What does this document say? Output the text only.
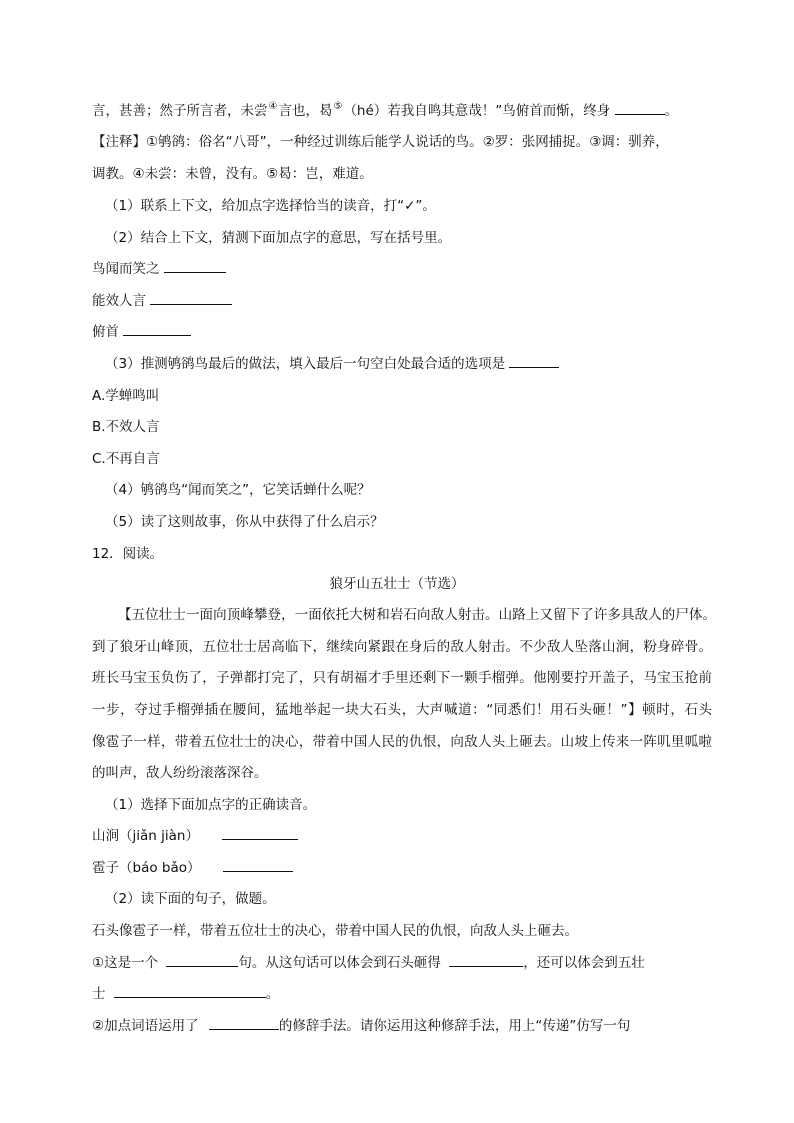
言，甚善；然子所言者，未尝④言也，曷⑤（hé）若我自鸣其意哉！”鸟俯首而惭，终身	。
【注释】①鸲鹆：俗名“八哥”，一种经过训练后能学人说话的鸟。②罗：张网捕捉。③调：驯养，
调教。④未尝：未曾，没有。⑤曷：岂，难道。
（1）联系上下文，给加点字选择恰当的读音，打“✓”。
（2）结合上下文，猜测下面加点字的意思，写在括号里。
鸟闻而笑之
能效人言
俯首
（3）推测鸲鹆鸟最后的做法，填入最后一句空白处最合适的选项是
A.学蝉鸣叫
B.不效人言
C.不再自言
（4）鸲鹆鸟“闻而笑之”，它笑话蝉什么呢？
（5）读了这则故事，你从中获得了什么启示？
12．阅读。
狼牙山五壮士（节选）
【五位壮士一面向顶峰攀登，一面依托大树和岩石向敌人射击。山路上又留下了许多具敌人的尸体。
到了狼牙山峰顶，五位壮士居高临下，继续向紧跟在身后的敌人射击。不少敌人坠落山涧，粉身碎骨。
班长马宝玉负伤了，子弹都打完了，只有胡福才手里还剩下一颗手榴弹。他刚要拧开盖子，马宝玉抢前
一步，夺过手榴弹插在腰间，猛地举起一块大石头，大声喊道：“同悉们！用石头砸！”】顿时，石头
像雹子一样，带着五位壮士的决心，带着中国人民的仇恨，向敌人头上砸去。山坡上传来一阵叽里呱啦
的叫声，敌人纷纷滚落深谷。
（1）选择下面加点字的正确读音。
山涧（jiǎn jiàn）
雹子（báo bǎo）
（2）读下面的句子，做题。
石头像雹子一样，带着五位壮士的决心，带着中国人民的仇恨，向敌人头上砸去。
①这是一个	句。从这句话可以体会到石头砸得	，还可以体会到五壮
士	。
②加点词语运用了	的修辞手法。请你运用这种修辞手法，用上“传递”仿写一句
